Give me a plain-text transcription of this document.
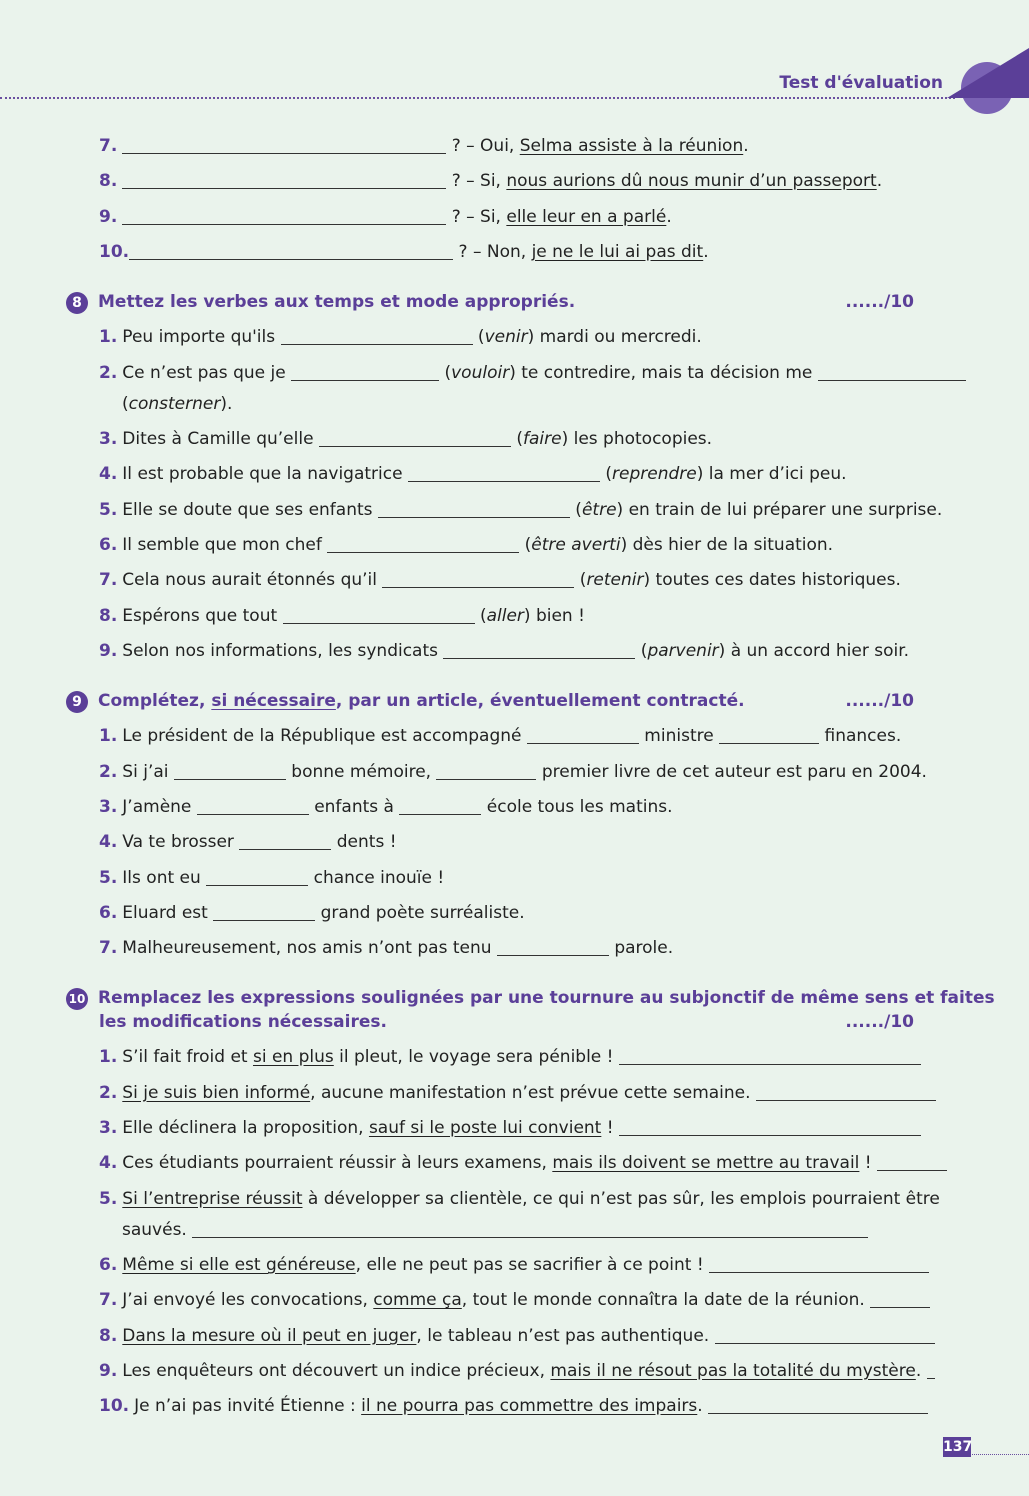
Test d'évaluation
7.	? – Oui, Selma assiste à la réunion.
8.	? – Si, nous aurions dû nous munir d’un passeport.
9.	? – Si, elle leur en a parlé.
10.	? – Non, je ne le lui ai pas dit.
8 Mettez les verbes aux temps et mode appropriés.	....../10
1. Peu importe qu'ils	(venir) mardi ou mercredi.
2. Ce n’est pas que je	(vouloir) te contredire, mais ta décision me
(consterner).
3. Dites à Camille qu’elle	(faire) les photocopies.
4. Il est probable que la navigatrice	(reprendre) la mer d’ici peu.
5. Elle se doute que ses enfants	(être) en train de lui préparer une surprise.
6. Il semble que mon chef	(être averti) dès hier de la situation.
7. Cela nous aurait étonnés qu’il	(retenir) toutes ces dates historiques.
8. Espérons que tout	(aller) bien !
9. Selon nos informations, les syndicats	(parvenir) à un accord hier soir.
9 Complétez, si nécessaire, par un article, éventuellement contracté.	....../10
1. Le président de la République est accompagné	ministre	finances.
2. Si j’ai	bonne mémoire,	premier livre de cet auteur est paru en 2004.
3. J’amène	enfants à	école tous les matins.
4. Va te brosser	dents !
5. Ils ont eu	chance inouïe !
6. Eluard est	grand poète surréaliste.
7. Malheureusement, nos amis n’ont pas tenu	parole.
10 Remplacez les expressions soulignées par une tournure au subjonctif de même sens et faites
les modifications nécessaires.	....../10
1. S’il fait froid et si en plus il pleut, le voyage sera pénible !
2. Si je suis bien informé, aucune manifestation n’est prévue cette semaine.
3. Elle déclinera la proposition, sauf si le poste lui convient !
4. Ces étudiants pourraient réussir à leurs examens, mais ils doivent se mettre au travail !
5. Si l’entreprise réussit à développer sa clientèle, ce qui n’est pas sûr, les emplois pourraient être
sauvés.
6. Même si elle est généreuse, elle ne peut pas se sacrifier à ce point !
7. J’ai envoyé les convocations, comme ça, tout le monde connaîtra la date de la réunion.
8. Dans la mesure où il peut en juger, le tableau n’est pas authentique.
9. Les enquêteurs ont découvert un indice précieux, mais il ne résout pas la totalité du mystère.
10. Je n’ai pas invité Étienne : il ne pourra pas commettre des impairs.
137
